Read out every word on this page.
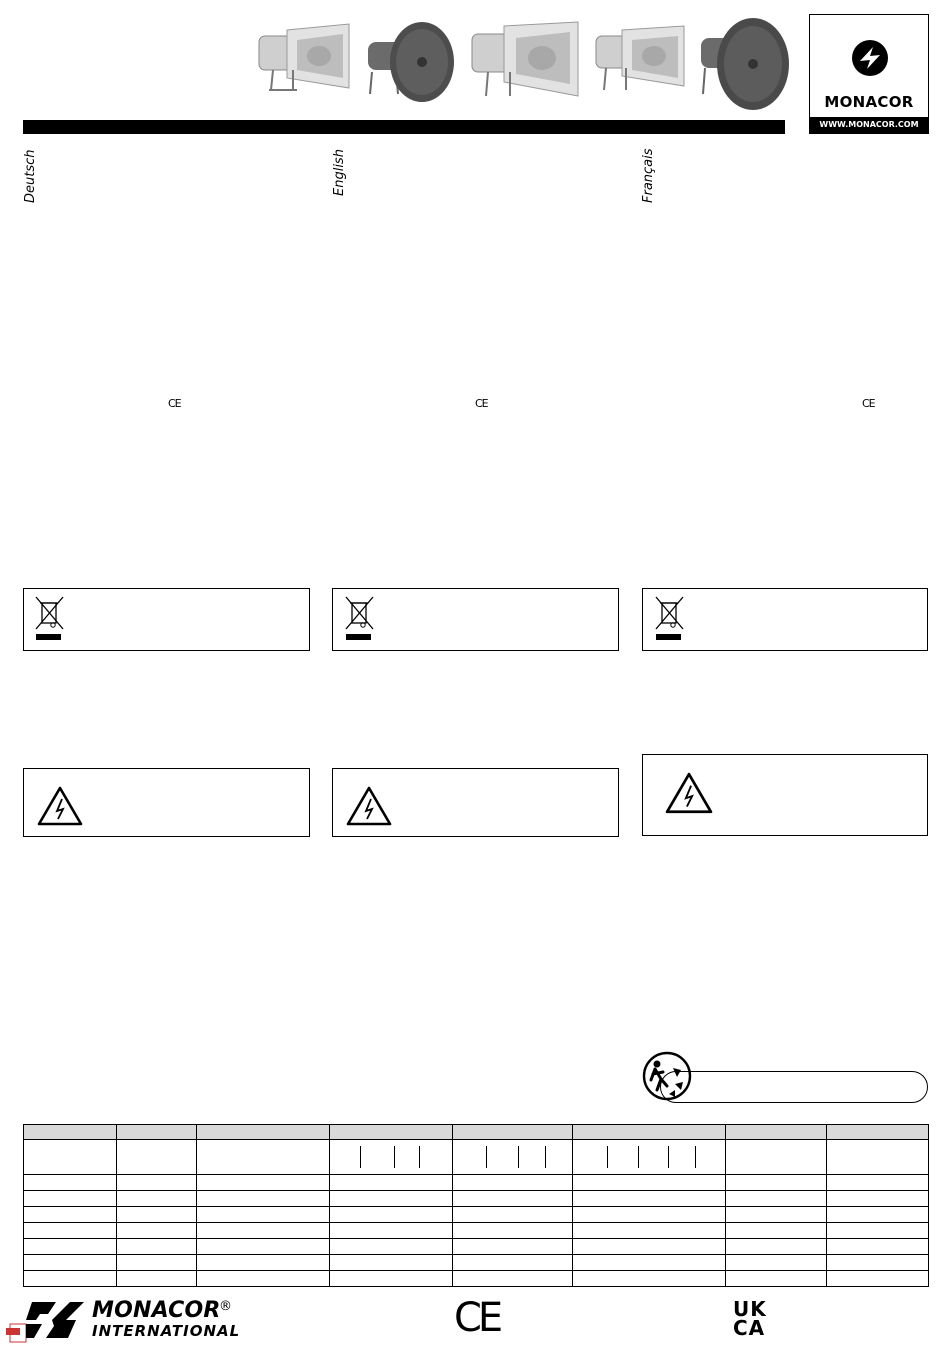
MONACOR
WWW.MONACOR.COM
Deutsch	English	Français
CE	CE	CE

MONACOR
INTERNATIONAL
®	CE	UK
CA
